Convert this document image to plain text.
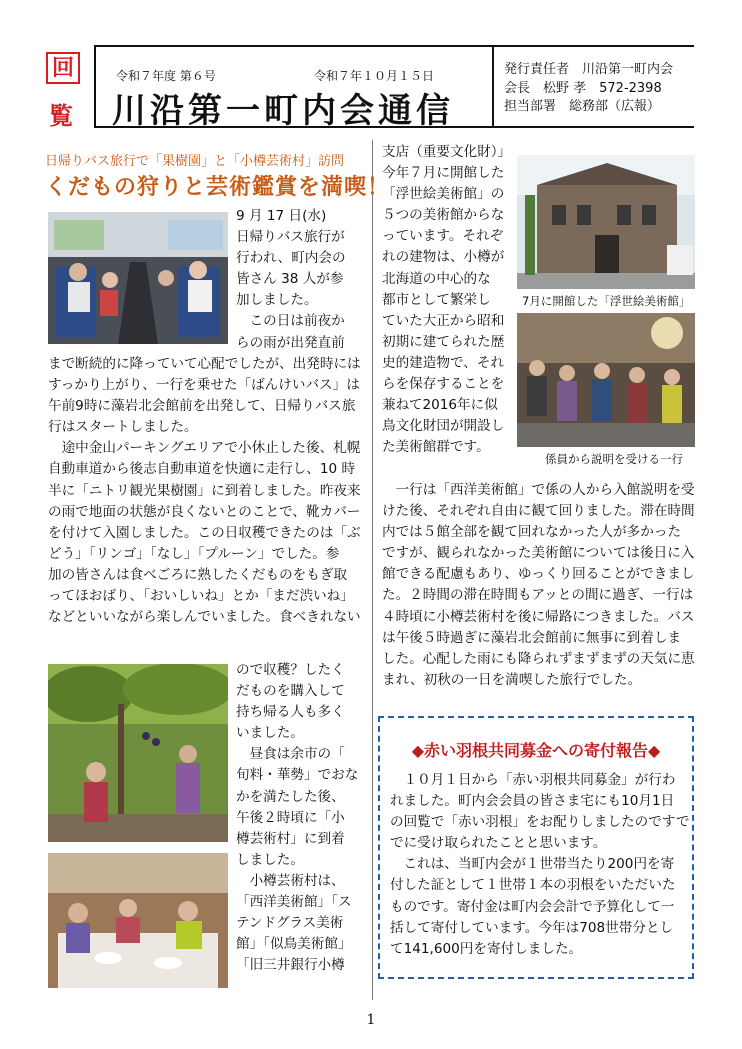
回
覧
令和７年度 第６号	令和７年１０月１５日
川沿第一町内会通信
発行責任者　川沿第一町内会
会長　松野 孝　572-2398
担当部署　総務部（広報）
日帰りバス旅行で「果樹園」と「小樽芸術村」訪問
くだもの狩りと芸術鑑賞を満喫！
9 月 17 日(水)
日帰りバス旅行が
行われ、町内会の
皆さん 38 人が参
加しました。
　この日は前夜か
らの雨が出発直前
まで断続的に降っていて心配でしたが、出発時には
すっかり上がり、一行を乗せた「ばんけいバス」は
午前9時に藻岩北会館前を出発して、日帰りバス旅
行はスタートしました。
　途中金山パーキングエリアで小休止した後、札幌
自動車道から後志自動車道を快適に走行し、10 時
半に「ニトリ観光果樹園」に到着しました。昨夜来
の雨で地面の状態が良くないとのことで、靴カバー
を付けて入園しました。この日収穫できたのは「ぶ
どう」「リンゴ」「なし」「プルーン」でした。参
加の皆さんは食べごろに熟したくだものをもぎ取
ってほおばり、「おいしいね」とか「まだ渋いね」
などといいながら楽しんでいました。食べきれない
ので収穫？したく
だものを購入して
持ち帰る人も多く
いました。
　昼食は余市の「
旬料・華勢」でおな
かを満たした後、
午後２時頃に「小
樽芸術村」に到着
しました。
　小樽芸術村は、
「西洋美術館」「ス
テンドグラス美術
館」「似鳥美術館」
「旧三井銀行小樽
支店（重要文化財）」
今年７月に開館した
「浮世絵美術館」の
５つの美術館からな
っています。それぞ
れの建物は、小樽が
北海道の中心的な
都市として繁栄し
ていた大正から昭和
初期に建てられた歴
史的建造物で、それ
らを保存することを
兼ねて2016年に似
鳥文化財団が開設し
た美術館群です。
7月に開館した「浮世絵美術館」
係員から説明を受ける一行
　一行は「西洋美術館」で係の人から入館説明を受
けた後、それぞれ自由に観て回りました。滞在時間
内では５館全部を観て回れなかった人が多かった
ですが、観られなかった美術館については後日に入
館できる配慮もあり、ゆっくり回ることができまし
た。２時間の滞在時間もアッとの間に過ぎ、一行は
４時頃に小樽芸術村を後に帰路につきました。バス
は午後５時過ぎに藻岩北会館前に無事に到着しま
した。心配した雨にも降られずまずまずの天気に恵
まれ、初秋の一日を満喫した旅行でした。
◆赤い羽根共同募金への寄付報告◆
　１０月１日から「赤い羽根共同募金」が行わ
れました。町内会会員の皆さま宅にも10月1日
の回覧で「赤い羽根」をお配りしましたのですで
でに受け取られたことと思います。
　これは、当町内会が１世帯当たり200円を寄
付した証として１世帯１本の羽根をいただいた
ものです。寄付金は町内会会計で予算化して一
括して寄付しています。今年は708世帯分とし
て141,600円を寄付しました。
1
